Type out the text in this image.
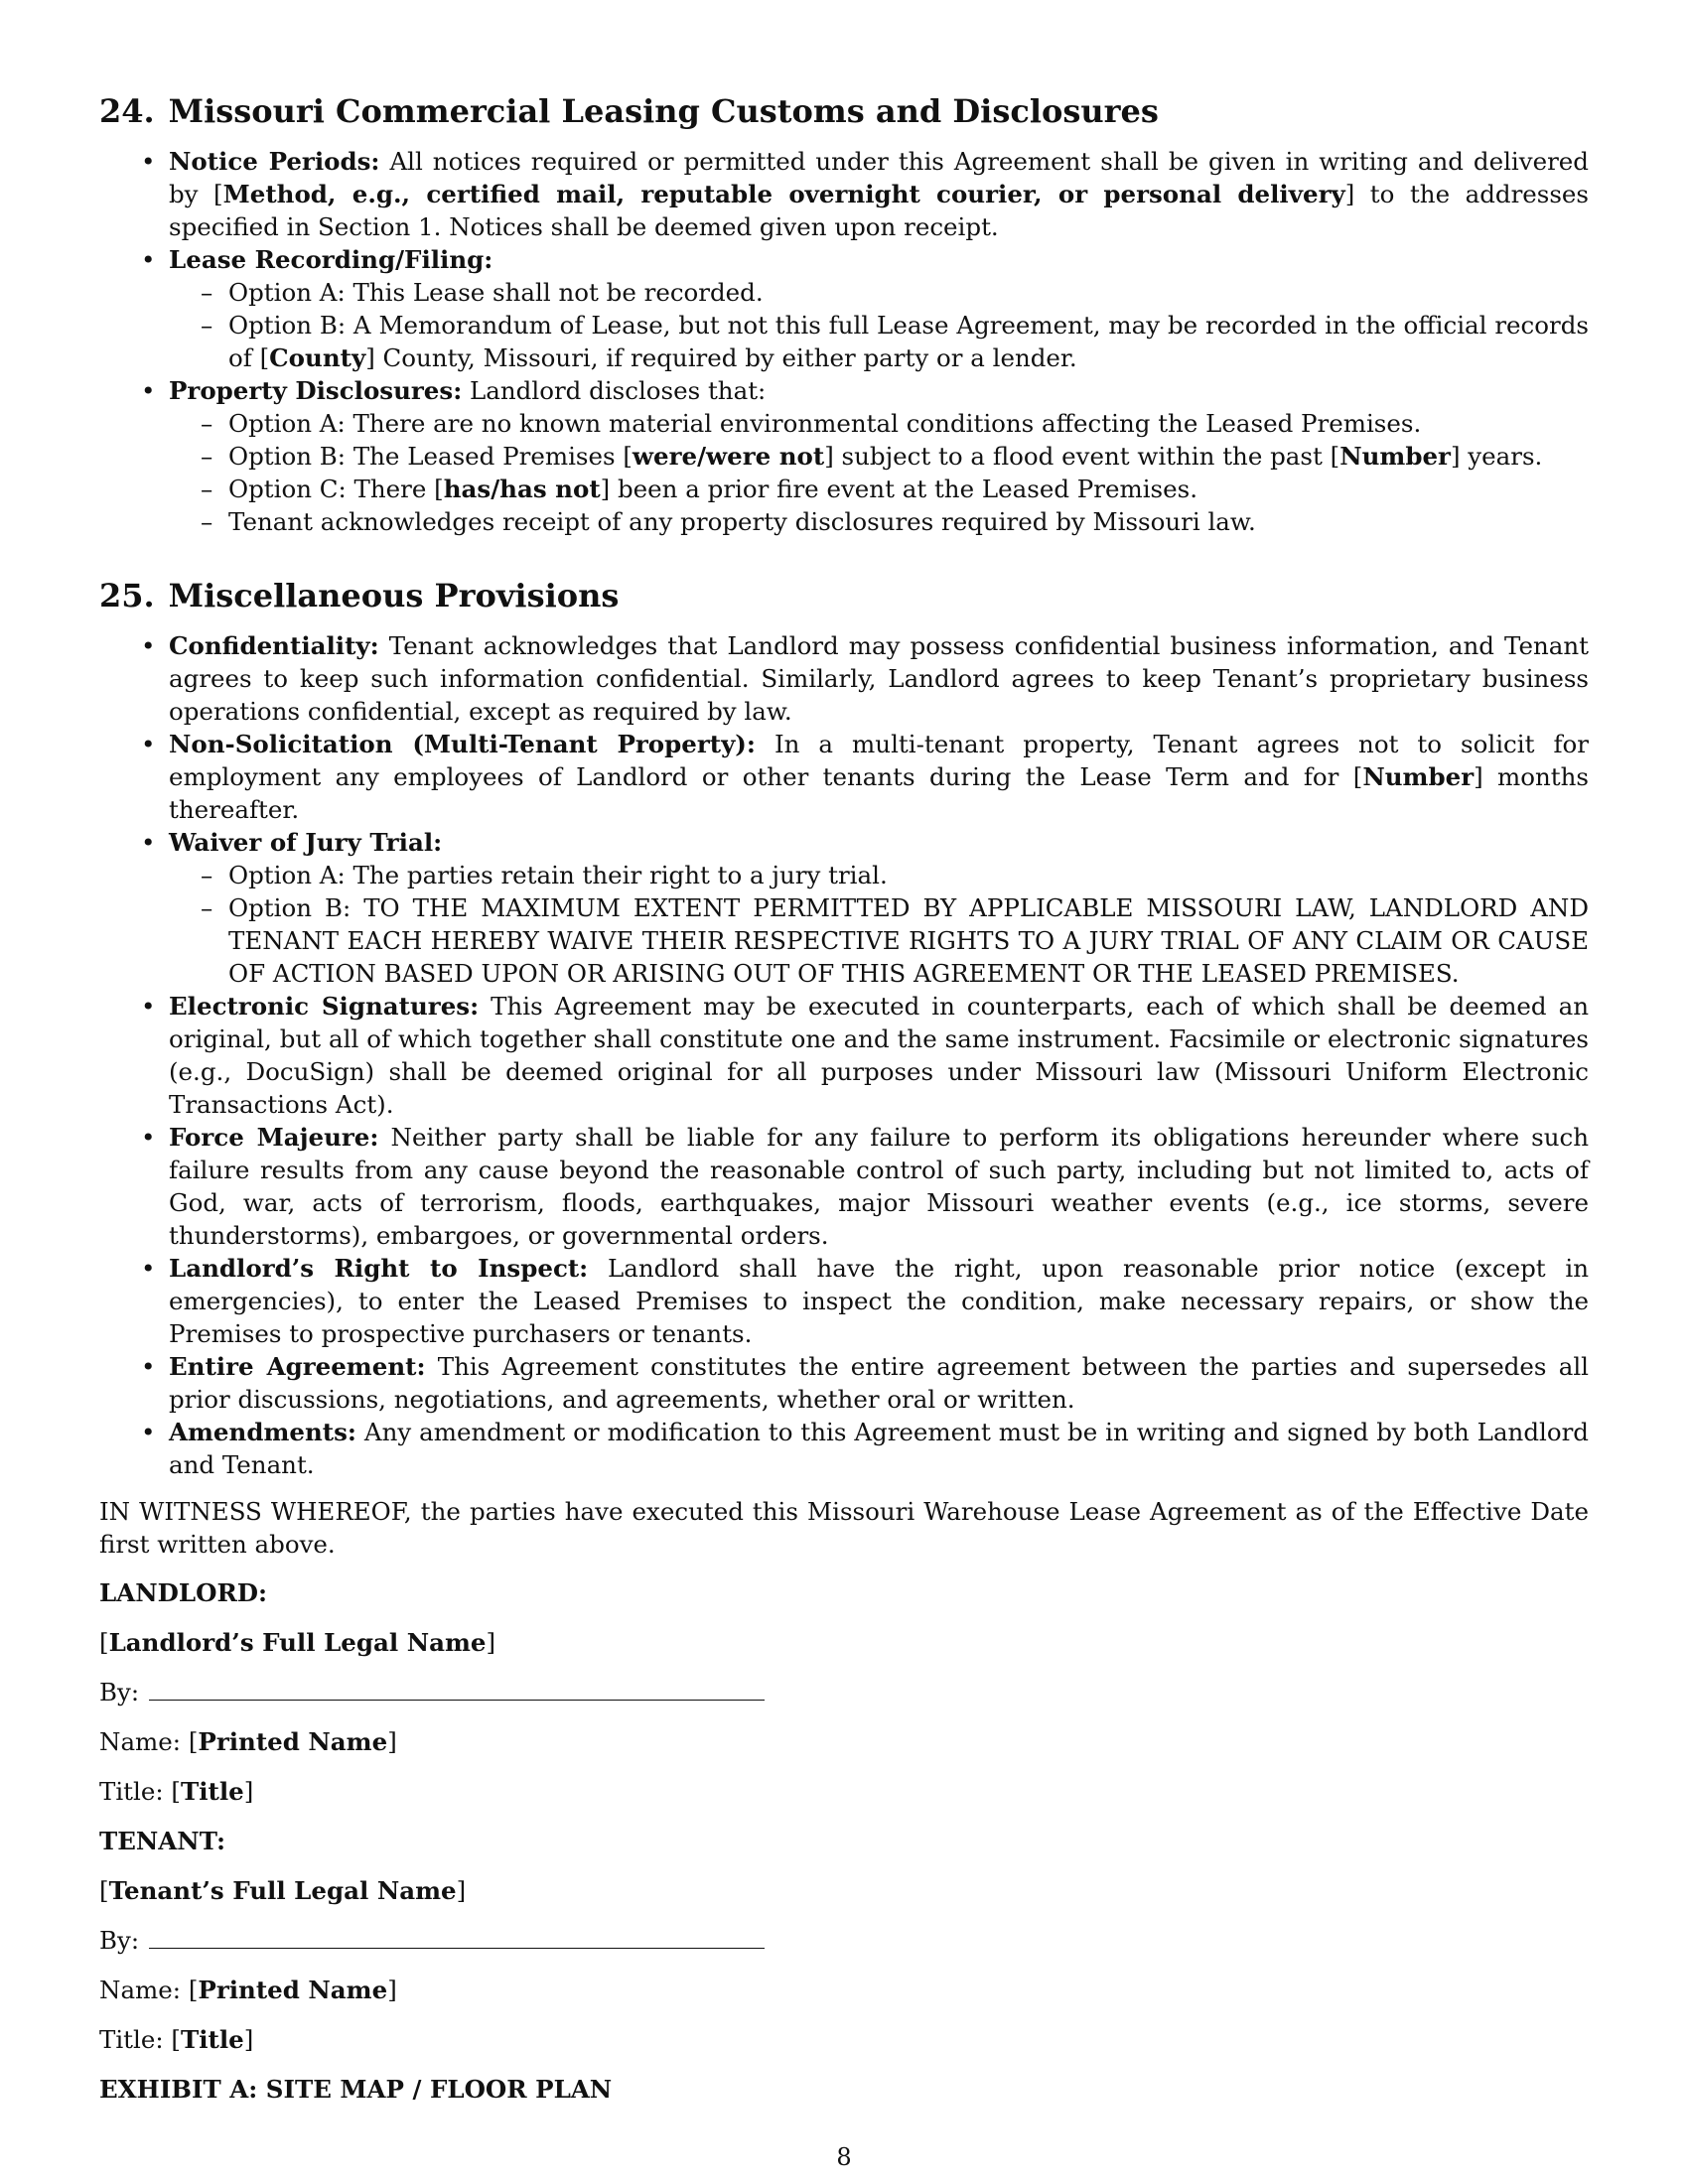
24. Missouri Commercial Leasing Customs and Disclosures
• Notice Periods: All notices required or permitted under this Agreement shall be given in writing and delivered by [Method, e.g., certified mail, reputable overnight courier, or personal delivery] to the addresses specified in Section 1. Notices shall be deemed given upon receipt.
• Lease Recording/Filing:
– Option A: This Lease shall not be recorded.
– Option B: A Memorandum of Lease, but not this full Lease Agreement, may be recorded in the official records of [County] County, Missouri, if required by either party or a lender.
• Property Disclosures: Landlord discloses that:
– Option A: There are no known material environmental conditions affecting the Leased Premises.
– Option B: The Leased Premises [were/were not] subject to a flood event within the past [Number] years.
– Option C: There [has/has not] been a prior fire event at the Leased Premises.
– Tenant acknowledges receipt of any property disclosures required by Missouri law.
25. Miscellaneous Provisions
• Confidentiality: Tenant acknowledges that Landlord may possess confidential business information, and Tenant agrees to keep such information confidential. Similarly, Landlord agrees to keep Tenant’s proprietary business operations confidential, except as required by law.
• Non-Solicitation (Multi-Tenant Property): In a multi-tenant property, Tenant agrees not to solicit for employment any employees of Landlord or other tenants during the Lease Term and for [Number] months thereafter.
• Waiver of Jury Trial:
– Option A: The parties retain their right to a jury trial.
– Option B: TO THE MAXIMUM EXTENT PERMITTED BY APPLICABLE MISSOURI LAW, LANDLORD AND TENANT EACH HEREBY WAIVE THEIR RESPECTIVE RIGHTS TO A JURY TRIAL OF ANY CLAIM OR CAUSE OF ACTION BASED UPON OR ARISING OUT OF THIS AGREEMENT OR THE LEASED PREMISES.
• Electronic Signatures: This Agreement may be executed in counterparts, each of which shall be deemed an original, but all of which together shall constitute one and the same instrument. Facsimile or electronic signatures (e.g., DocuSign) shall be deemed original for all purposes under Missouri law (Missouri Uniform Electronic Transactions Act).
• Force Majeure: Neither party shall be liable for any failure to perform its obligations hereunder where such failure results from any cause beyond the reasonable control of such party, including but not limited to, acts of God, war, acts of terrorism, floods, earthquakes, major Missouri weather events (e.g., ice storms, severe thunderstorms), embargoes, or governmental orders.
• Landlord’s Right to Inspect: Landlord shall have the right, upon reasonable prior notice (except in emergencies), to enter the Leased Premises to inspect the condition, make necessary repairs, or show the Premises to prospective purchasers or tenants.
• Entire Agreement: This Agreement constitutes the entire agreement between the parties and supersedes all prior discussions, negotiations, and agreements, whether oral or written.
• Amendments: Any amendment or modification to this Agreement must be in writing and signed by both Landlord and Tenant.

IN WITNESS WHEREOF, the parties have executed this Missouri Warehouse Lease Agreement as of the Effective Date first written above.

LANDLORD:
[Landlord’s Full Legal Name]
By:
Name: [Printed Name]
Title: [Title]
TENANT:
[Tenant’s Full Legal Name]
By:
Name: [Printed Name]
Title: [Title]
EXHIBIT A: SITE MAP / FLOOR PLAN
8
